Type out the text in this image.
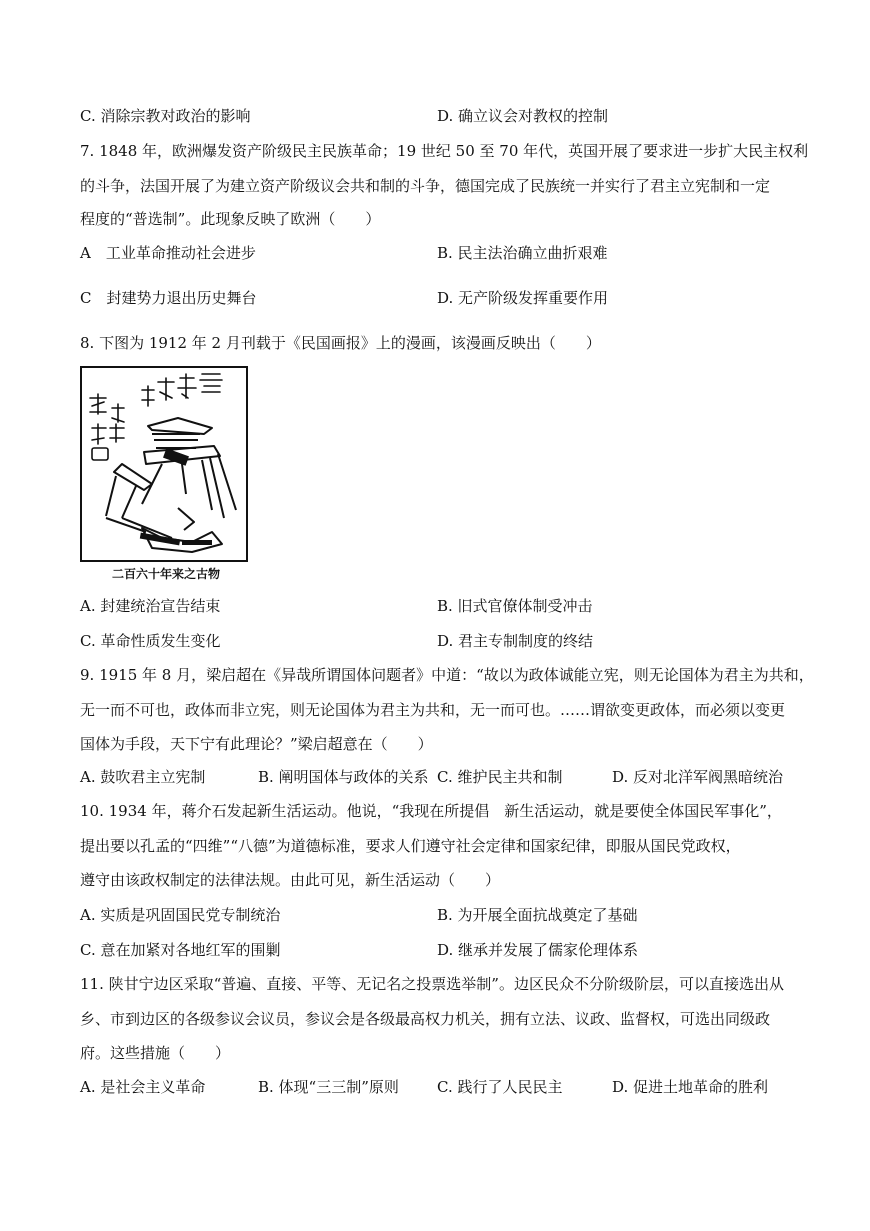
C. 消除宗教对政治的影响	D. 确立议会对教权的控制
7. 1848 年，欧洲爆发资产阶级民主民族革命；19 世纪 50 至 70 年代，英国开展了要求进一步扩大民主权利
的斗争，法国开展了为建立资产阶级议会共和制的斗争，德国完成了民族统一并实行了君主立宪制和一定
程度的“普选制”。此现象反映了欧洲（　　）
A　工业革命推动社会进步	B. 民主法治确立曲折艰难
C　封建势力退出历史舞台	D. 无产阶级发挥重要作用
8. 下图为 1912 年 2 月刊载于《民国画报》上的漫画，该漫画反映出（　　）
二百六十年来之古物
A. 封建统治宣告结束	B. 旧式官僚体制受冲击
C. 革命性质发生变化	D. 君主专制制度的终结
9. 1915 年 8 月，梁启超在《异哉所谓国体问题者》中道：“故以为政体诚能立宪，则无论国体为君主为共和，
无一而不可也，政体而非立宪，则无论国体为君主为共和，无一而可也。……谓欲变更政体，而必须以变更
国体为手段，天下宁有此理论？”梁启超意在（　　）
A. 鼓吹君主立宪制	B. 阐明国体与政体的关系 C. 维护民主共和制	D. 反对北洋军阀黑暗统治
10. 1934 年，蒋介石发起新生活运动。他说，“我现在所提倡　新生活运动，就是要使全体国民军事化”，
提出要以孔孟的“四维”“八德”为道德标准，要求人们遵守社会定律和国家纪律，即服从国民党政权，
遵守由该政权制定的法律法规。由此可见，新生活运动（　　）
A. 实质是巩固国民党专制统治	B. 为开展全面抗战奠定了基础
C. 意在加紧对各地红军的围剿	D. 继承并发展了儒家伦理体系
11. 陕甘宁边区采取“普遍、直接、平等、无记名之投票选举制”。边区民众不分阶级阶层，可以直接选出从
乡、市到边区的各级参议会议员，参议会是各级最高权力机关，拥有立法、议政、监督权，可选出同级政
府。这些措施（　　）
A. 是社会主义革命	B. 体现“三三制”原则	C. 践行了人民民主	D. 促进土地革命的胜利
